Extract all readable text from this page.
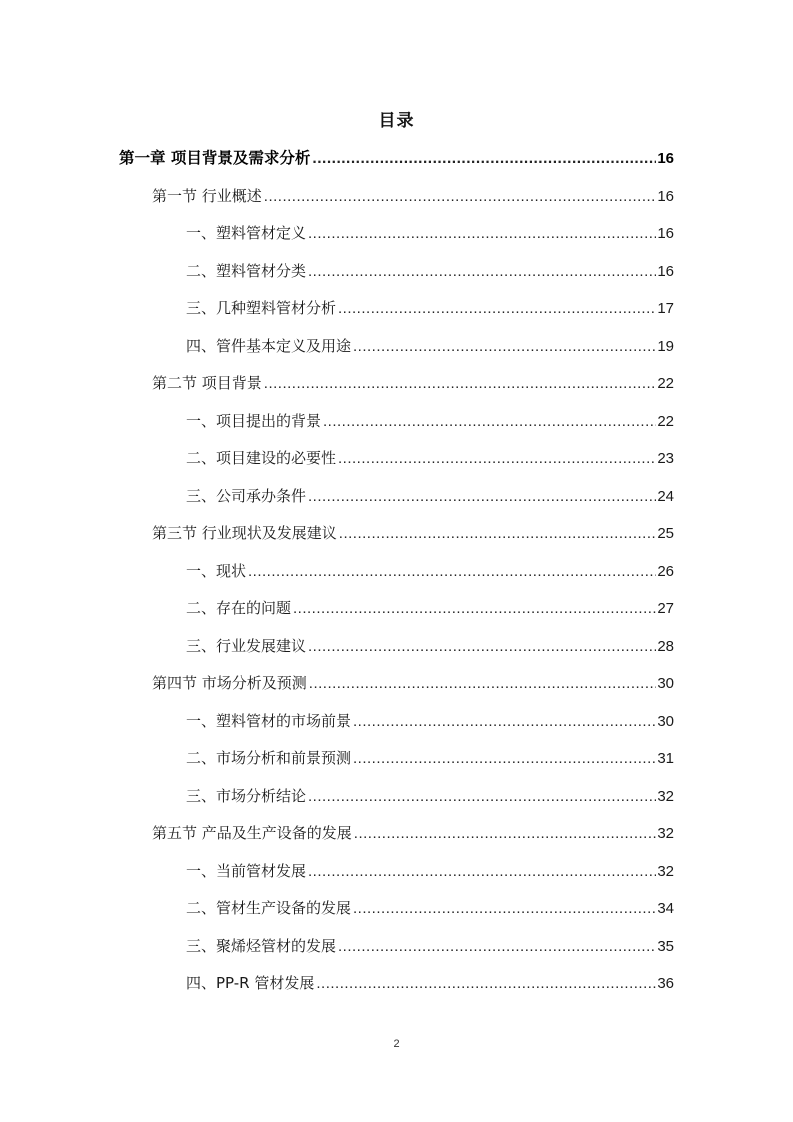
目录
第一章 项目背景及需求分析 .....	16
第一节 行业概述 .....	16
一、塑料管材定义 .....	16
二、塑料管材分类 .....	16
三、几种塑料管材分析 .....	17
四、管件基本定义及用途 .....	19
第二节 项目背景 .....	22
一、项目提出的背景 .....	22
二、项目建设的必要性 .....	23
三、公司承办条件 .....	24
第三节 行业现状及发展建议 .....	25
一、现状 .....	26
二、存在的问题 .....	27
三、行业发展建议 .....	28
第四节 市场分析及预测 .....	30
一、塑料管材的市场前景 .....	30
二、市场分析和前景预测 .....	31
三、市场分析结论 .....	32
第五节 产品及生产设备的发展 .....	32
一、当前管材发展 .....	32
二、管材生产设备的发展 .....	34
三、聚烯烃管材的发展 .....	35
四、PP-R 管材发展 .....	36
2
